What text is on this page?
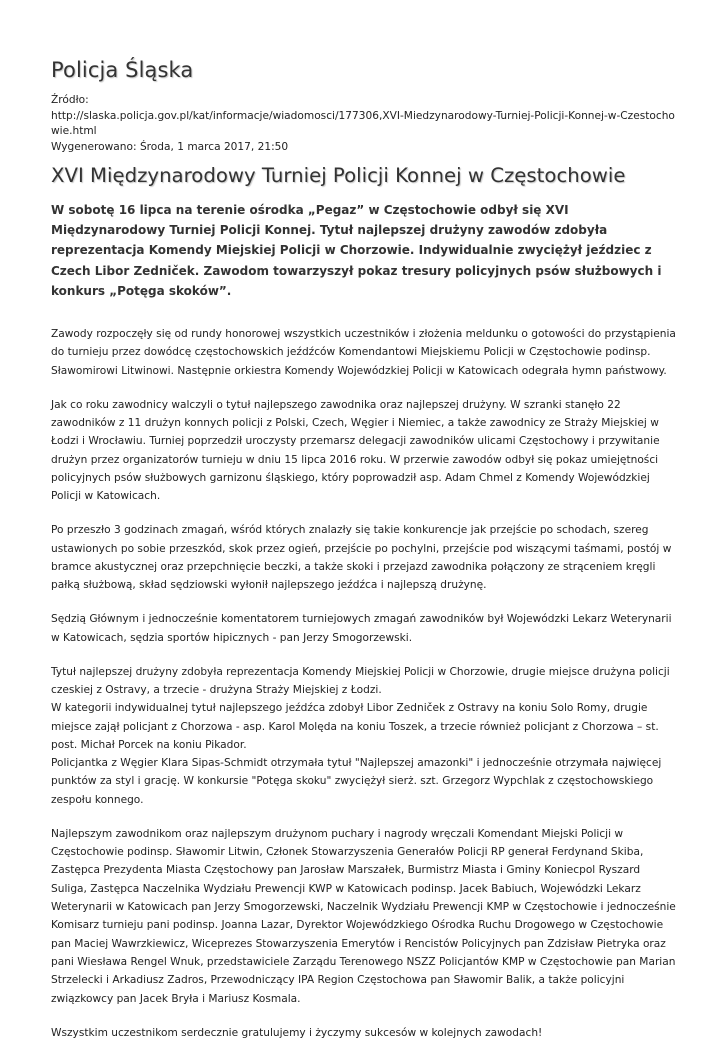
Policja Śląska
Źródło:
http://slaska.policja.gov.pl/kat/informacje/wiadomosci/177306,XVI-Miedzynarodowy-Turniej-Policji-Konnej-w-Czestochowie.html
Wygenerowano: Środa, 1 marca 2017, 21:50
XVI Międzynarodowy Turniej Policji Konnej w Częstochowie
W sobotę 16 lipca na terenie ośrodka „Pegaz” w Częstochowie odbył się XVI Międzynarodowy Turniej Policji Konnej. Tytuł najlepszej drużyny zawodów zdobyła reprezentacja Komendy Miejskiej Policji w Chorzowie. Indywidualnie zwyciężył jeździec z Czech Libor Zedniček. Zawodom towarzyszył pokaz tresury policyjnych psów służbowych i konkurs „Potęga skoków”.

Zawody rozpoczęły się od rundy honorowej wszystkich uczestników i złożenia meldunku o gotowości do przystąpienia do turnieju przez dowódcę częstochowskich jeźdźców Komendantowi Miejskiemu Policji w Częstochowie podinsp. Sławomirowi Litwinowi. Następnie orkiestra Komendy Wojewódzkiej Policji w Katowicach odegrała hymn państwowy.

Jak co roku zawodnicy walczyli o tytuł najlepszego zawodnika oraz najlepszej drużyny. W szranki stanęło 22 zawodników z 11 drużyn konnych policji z Polski, Czech, Węgier i Niemiec, a także zawodnicy ze Straży Miejskiej w Łodzi i Wrocławiu. Turniej poprzedził uroczysty przemarsz delegacji zawodników ulicami Częstochowy i przywitanie drużyn przez organizatorów turnieju w dniu 15 lipca 2016 roku. W przerwie zawodów odbył się pokaz umiejętności policyjnych psów służbowych garnizonu śląskiego, który poprowadził asp. Adam Chmel z Komendy Wojewódzkiej Policji w Katowicach.

Po przeszło 3 godzinach zmagań, wśród których znalazły się takie konkurencje jak przejście po schodach, szereg ustawionych po sobie przeszkód, skok przez ogień, przejście po pochylni, przejście pod wiszącymi taśmami, postój w bramce akustycznej oraz przepchnięcie beczki, a także skoki i przejazd zawodnika połączony ze strąceniem kręgli pałką służbową, skład sędziowski wyłonił najlepszego jeźdźca i najlepszą drużynę.

Sędzią Głównym i jednocześnie komentatorem turniejowych zmagań zawodników był Wojewódzki Lekarz Weterynarii w Katowicach, sędzia sportów hipicznych - pan Jerzy Smogorzewski.

Tytuł najlepszej drużyny zdobyła reprezentacja Komendy Miejskiej Policji w Chorzowie, drugie miejsce drużyna policji czeskiej z Ostravy, a trzecie - drużyna Straży Miejskiej z Łodzi.
W kategorii indywidualnej tytuł najlepszego jeźdźca zdobył Libor Zedniček z Ostravy na koniu Solo Romy, drugie miejsce zajął policjant z Chorzowa - asp. Karol Molęda na koniu Toszek, a trzecie również policjant z Chorzowa – st. post. Michał Porcek na koniu Pikador.
Policjantka z Węgier Klara Sipas-Schmidt otrzymała tytuł "Najlepszej amazonki" i jednocześnie otrzymała najwięcej punktów za styl i grację. W konkursie "Potęga skoku" zwyciężył sierż. szt. Grzegorz Wypchlak z częstochowskiego zespołu konnego.

Najlepszym zawodnikom oraz najlepszym drużynom puchary i nagrody wręczali Komendant Miejski Policji w Częstochowie podinsp. Sławomir Litwin, Członek Stowarzyszenia Generałów Policji RP generał Ferdynand Skiba, Zastępca Prezydenta Miasta Częstochowy pan Jarosław Marszałek, Burmistrz Miasta i Gminy Koniecpol Ryszard Suliga, Zastępca Naczelnika Wydziału Prewencji KWP w Katowicach podinsp. Jacek Babiuch, Wojewódzki Lekarz Weterynarii w Katowicach pan Jerzy Smogorzewski, Naczelnik Wydziału Prewencji KMP w Częstochowie i jednocześnie Komisarz turnieju pani podinsp. Joanna Lazar, Dyrektor Wojewódzkiego Ośrodka Ruchu Drogowego w Częstochowie pan Maciej Wawrzkiewicz, Wiceprezes Stowarzyszenia Emerytów i Rencistów Policyjnych pan Zdzisław Pietryka oraz pani Wiesława Rengel Wnuk, przedstawiciele Zarządu Terenowego NSZZ Policjantów KMP w Częstochowie pan Marian Strzelecki i Arkadiusz Zadros, Przewodniczący IPA Region Częstochowa pan Sławomir Balik, a także policyjni związkowcy pan Jacek Bryła i Mariusz Kosmala.

Wszystkim uczestnikom serdecznie gratulujemy i życzymy sukcesów w kolejnych zawodach!
